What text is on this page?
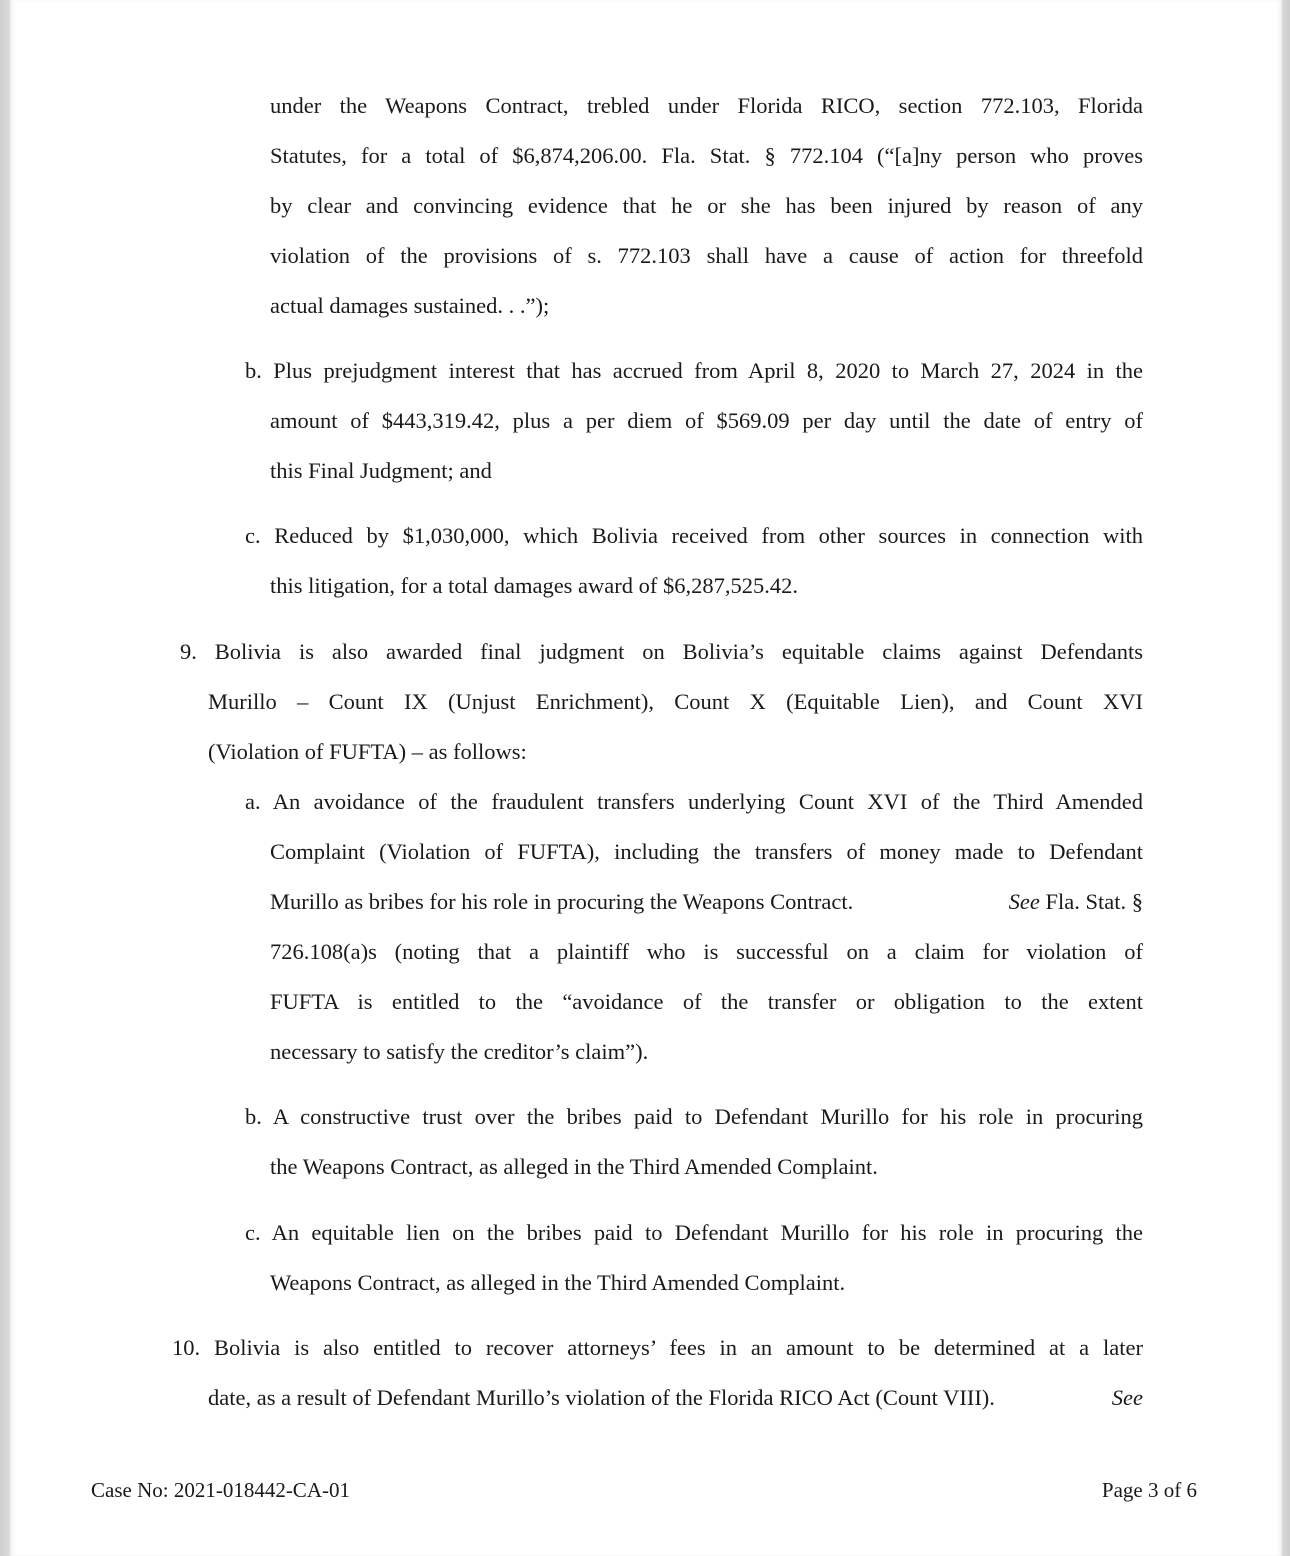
under the Weapons Contract, trebled under Florida RICO, section 772.103, Florida
Statutes, for a total of $6,874,206.00. Fla. Stat. § 772.104 (“[a]ny person who proves
by clear and convincing evidence that he or she has been injured by reason of any
violation of the provisions of s. 772.103 shall have a cause of action for threefold
actual damages sustained. . .”);
b. Plus prejudgment interest that has accrued from April 8, 2020 to March 27, 2024 in the
amount of $443,319.42, plus a per diem of $569.09 per day until the date of entry of
this Final Judgment; and
c. Reduced by $1,030,000, which Bolivia received from other sources in connection with
this litigation, for a total damages award of $6,287,525.42.
9. Bolivia is also awarded final judgment on Bolivia’s equitable claims against Defendants
Murillo – Count IX (Unjust Enrichment), Count X (Equitable Lien), and Count XVI
(Violation of FUFTA) – as follows:
a. An avoidance of the fraudulent transfers underlying Count XVI of the Third Amended
Complaint (Violation of FUFTA), including the transfers of money made to Defendant
Murillo as bribes for his role in procuring the Weapons Contract.	See Fla. Stat. §
726.108(a)s (noting that a plaintiff who is successful on a claim for violation of
FUFTA is entitled to the “avoidance of the transfer or obligation to the extent
necessary to satisfy the creditor’s claim”).
b. A constructive trust over the bribes paid to Defendant Murillo for his role in procuring
the Weapons Contract, as alleged in the Third Amended Complaint.
c. An equitable lien on the bribes paid to Defendant Murillo for his role in procuring the
Weapons Contract, as alleged in the Third Amended Complaint.
10. Bolivia is also entitled to recover attorneys’ fees in an amount to be determined at a later
date, as a result of Defendant Murillo’s violation of the Florida RICO Act (Count VIII).	See
Case No: 2021-018442-CA-01	Page 3 of 6
